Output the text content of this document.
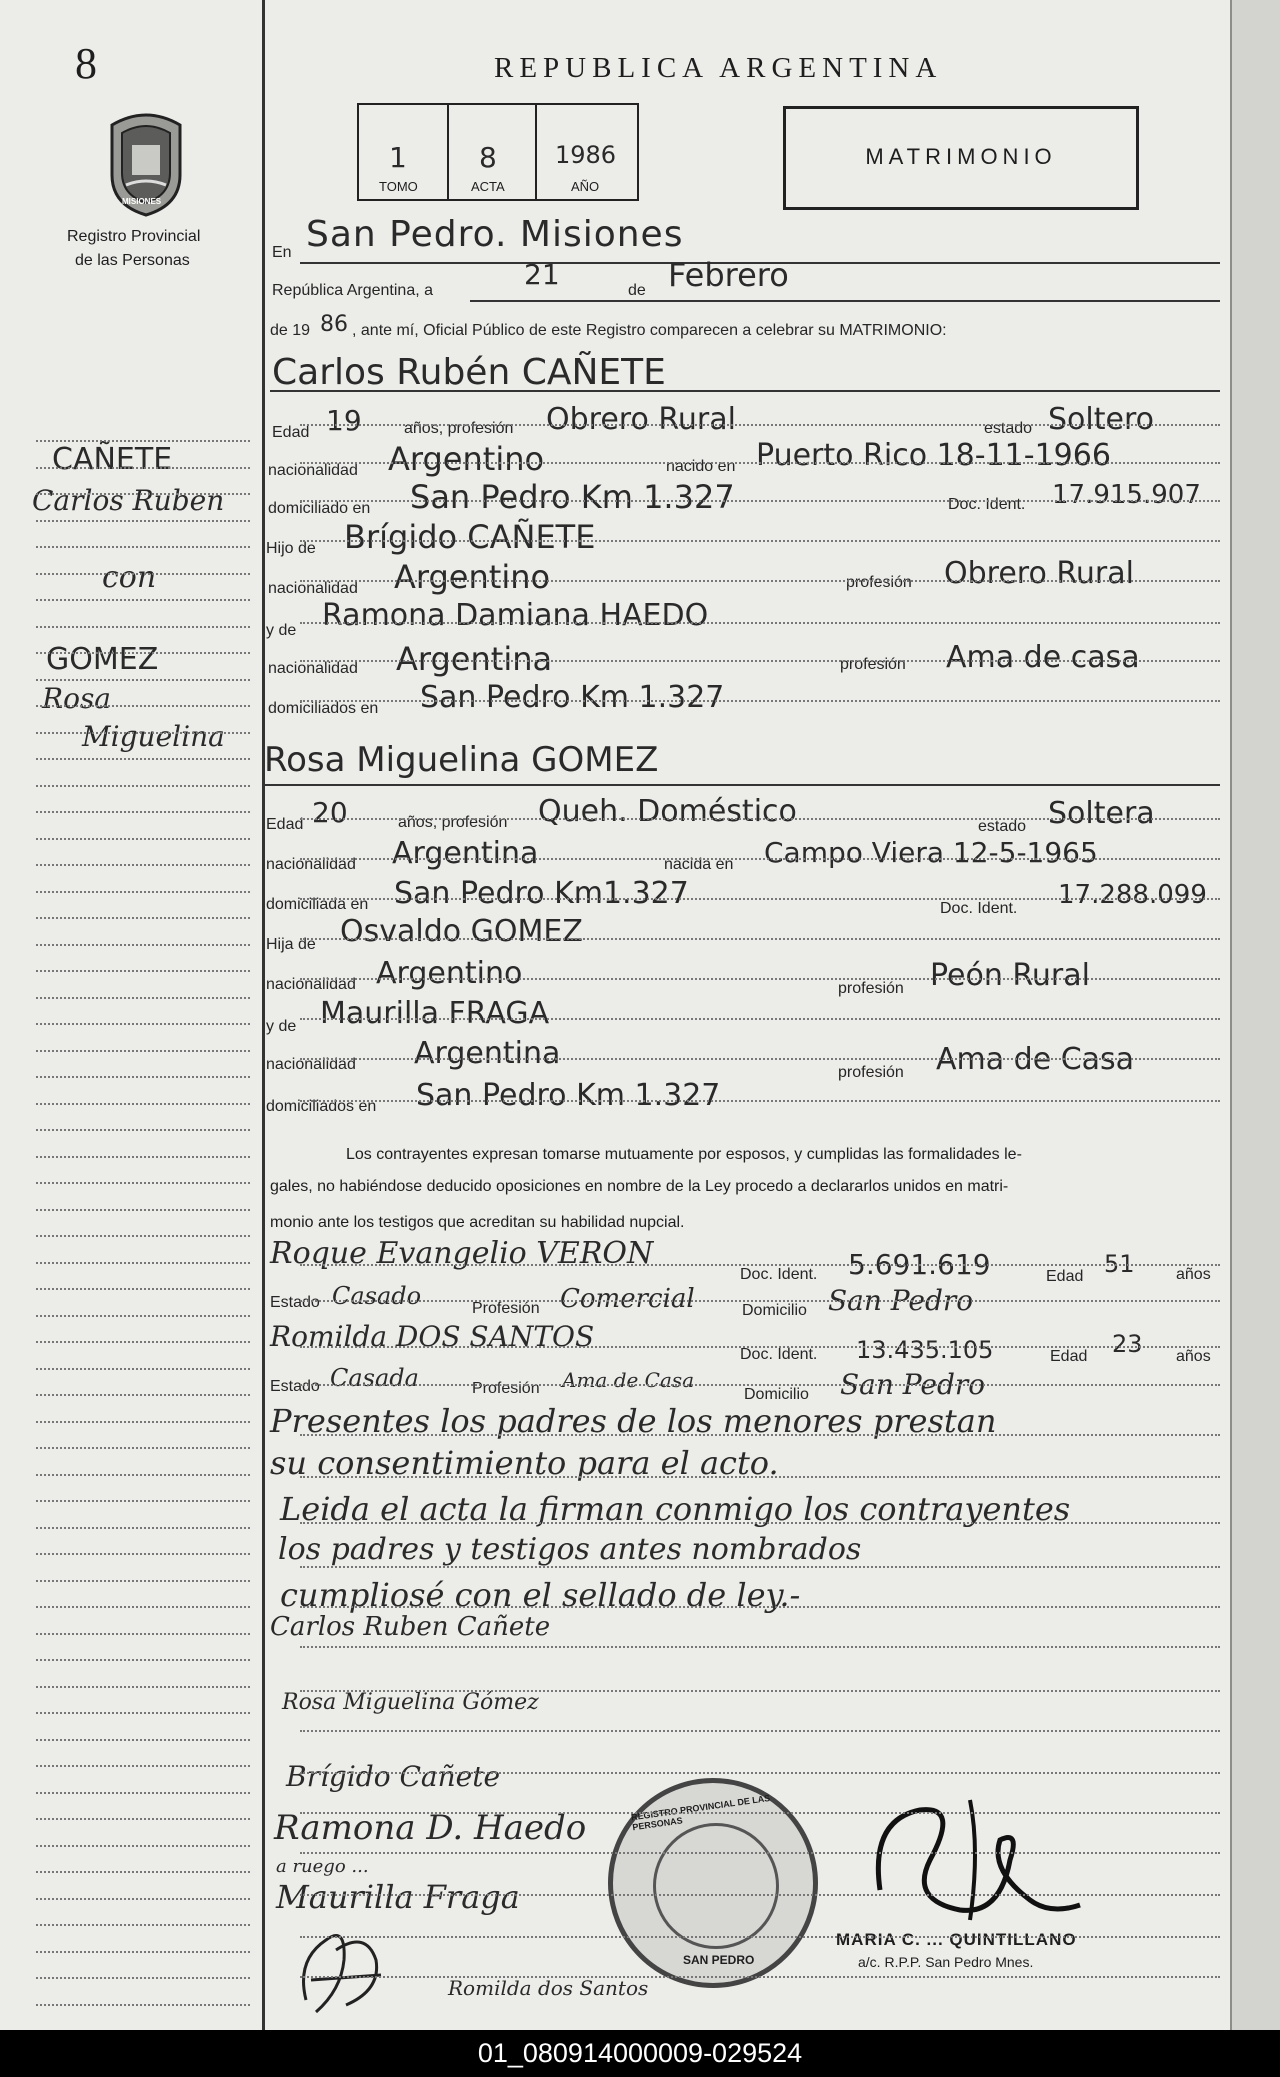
8
MISIONES
Registro Provincial
de las Personas
REPUBLICA ARGENTINA
1	8 1986
TOMO	ACTA	AÑO
MATRIMONIO
CAÑETE
Carlos Ruben
con
GOMEZ
Rosa
Miguelina
En San Pedro. Misiones
República Argentina, a	21	de Febrero
de 19 86 , ante mí, Oficial Público de este Registro comparecen a celebrar su MATRIMONIO:
Carlos Rubén CAÑETE
Edad 19	años, profesión Obrero Rural	estado Soltero
nacionalidad Argentino	nacido en Puerto Rico 18-11-1966
domiciliado en San Pedro Km 1.327	Doc. Ident. 17.915.907
Hijo de Brígido CAÑETE
nacionalidad Argentino	profesión Obrero Rural
y de Ramona Damiana HAEDO
nacionalidad Argentina	profesión Ama de casa
domiciliados en San Pedro Km 1.327
Rosa Miguelina GOMEZ
Edad 20	años, profesión Queh. Doméstico	estado Soltera
nacionalidad Argentina	nacida en Campo Viera 12-5-1965
domiciliada en San Pedro Km1.327	Doc. Ident. 17.288.099
Hija de Osvaldo GOMEZ
nacionalidad Argentino	profesión Peón Rural
y de Maurilla FRAGA
nacionalidad Argentina
profesión Ama de Casa
domiciliados en San Pedro Km 1.327
Los contrayentes expresan tomarse mutuamente por esposos, y cumplidas las formalidades le-
gales, no habiéndose deducido oposiciones en nombre de la Ley procedo a declararlos unidos en matri-
monio ante los testigos que acreditan su habilidad nupcial.
Roque Evangelio VERON
Doc. Ident. 5.691.619	Edad 51	años
Estado Casado	Profesión Comercial	Domicilio San Pedro
Romilda DOS SANTOS
Doc. Ident. 13.435.105	Edad 23 años
Estado Casada	Profesión Ama de Casa
Domicilio San Pedro
Presentes los padres de los menores prestan
su consentimiento para el acto.
Leida el acta la firman conmigo los contrayentes
los padres y testigos antes nombrados
cumpliosé con el sellado de ley.-
Carlos Ruben Cañete
Rosa Miguelina Gómez
Brígido Cañete
Ramona D. Haedo
a ruego ...
Maurilla Fraga
Romilda dos Santos
REGISTRO PROVINCIAL DE LAS PERSONAS
SAN PEDRO
MARIA C. ... QUINTILLANO
a/c. R.P.P. San Pedro Mnes.
01_080914000009-029524
